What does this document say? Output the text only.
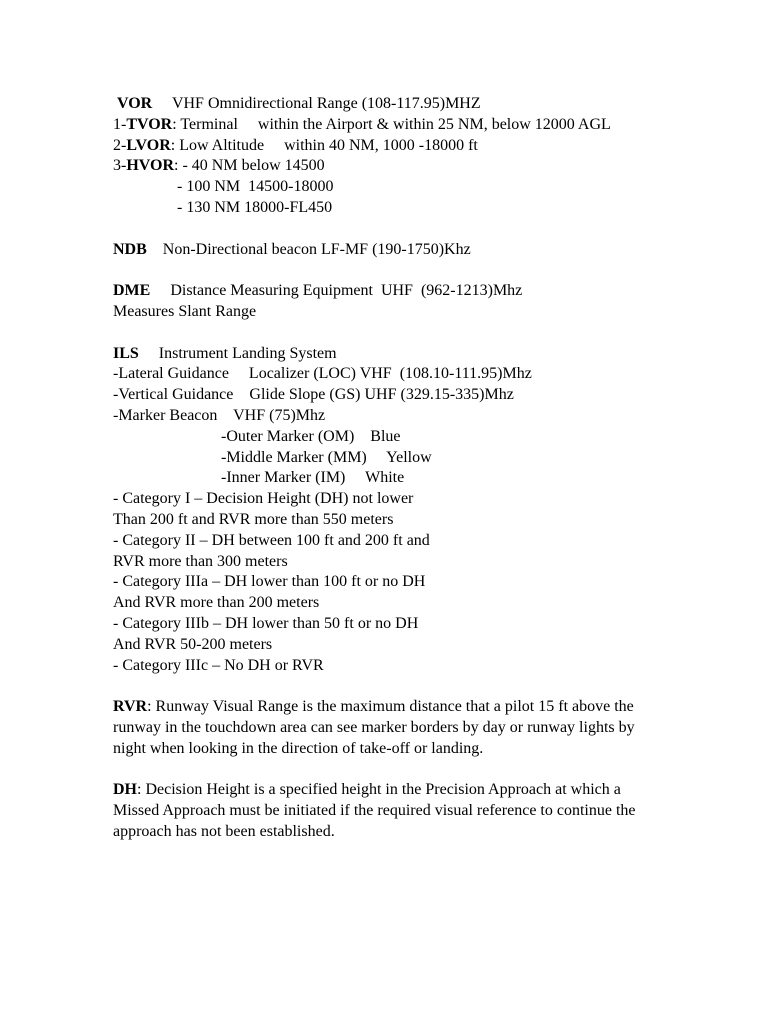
VOR     VHF Omnidirectional Range (108-117.95)MHZ
1-TVOR: Terminal     within the Airport & within 25 NM, below 12000 AGL
2-LVOR: Low Altitude     within 40 NM, 1000 -18000 ft
3-HVOR: - 40 NM below 14500
- 100 NM  14500-18000
- 130 NM 18000-FL450
NDB    Non-Directional beacon LF-MF (190-1750)Khz
DME     Distance Measuring Equipment  UHF  (962-1213)Mhz
Measures Slant Range
ILS     Instrument Landing System
-Lateral Guidance     Localizer (LOC) VHF  (108.10-111.95)Mhz
-Vertical Guidance    Glide Slope (GS) UHF (329.15-335)Mhz
-Marker Beacon    VHF (75)Mhz
-Outer Marker (OM)    Blue
-Middle Marker (MM)     Yellow
-Inner Marker (IM)     White
- Category I – Decision Height (DH) not lower
Than 200 ft and RVR more than 550 meters
- Category II – DH between 100 ft and 200 ft and
RVR more than 300 meters
- Category IIIa – DH lower than 100 ft or no DH
And RVR more than 200 meters
- Category IIIb – DH lower than 50 ft or no DH
And RVR 50-200 meters
- Category IIIc – No DH or RVR
RVR: Runway Visual Range is the maximum distance that a pilot 15 ft above the runway in the touchdown area can see marker borders by day or runway lights by night when looking in the direction of take-off or landing.
DH: Decision Height is a specified height in the Precision Approach at which a Missed Approach must be initiated if the required visual reference to continue the approach has not been established.
